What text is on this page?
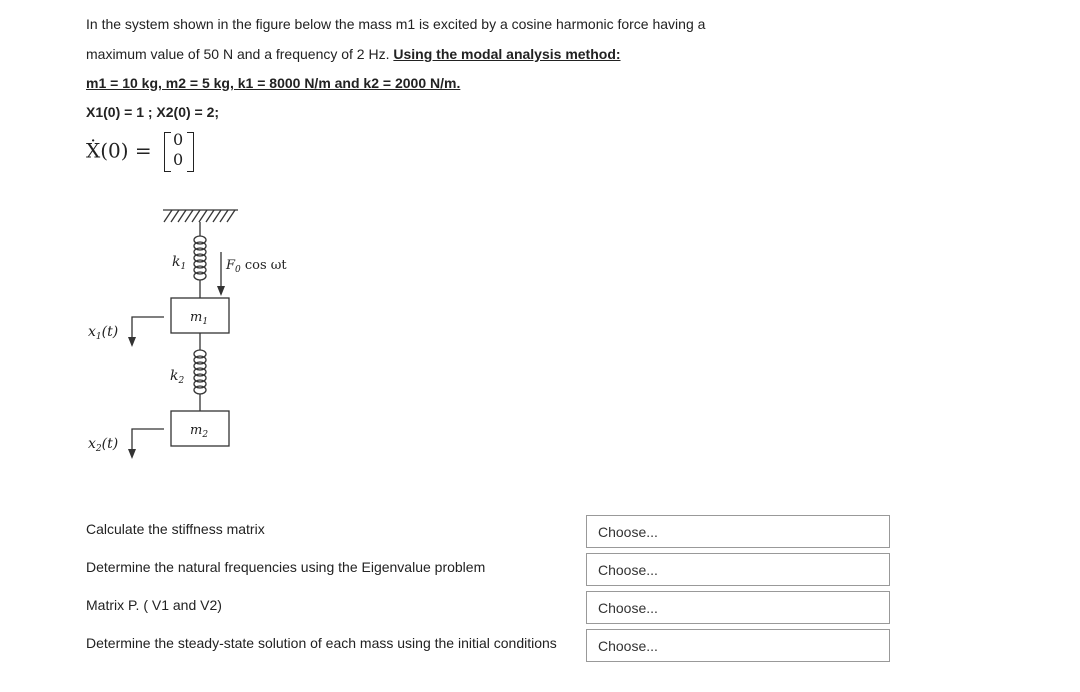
In the system shown in the figure below the mass m1 is excited by a cosine harmonic force having a
maximum value of 50 N and a frequency of 2 Hz. Using the modal analysis method:
m1 = 10 kg, m2 = 5 kg, k1 = 8000 N/m and k2 = 2000 N/m.
X1(0) = 1 ; X2(0) = 2;
Ẋ(0) = 0
0
$k_1$
$k_2$
$m_1$
$m_2$
$F_0$ cos ωt
$x_1(t)$
$x_2(t)$
Calculate the stiffness matrix	Choose...
Determine the natural frequencies using the Eigenvalue problem	Choose...
Matrix P. ( V1 and V2)	Choose...
Determine the steady-state solution of each mass using the initial conditions	Choose...
